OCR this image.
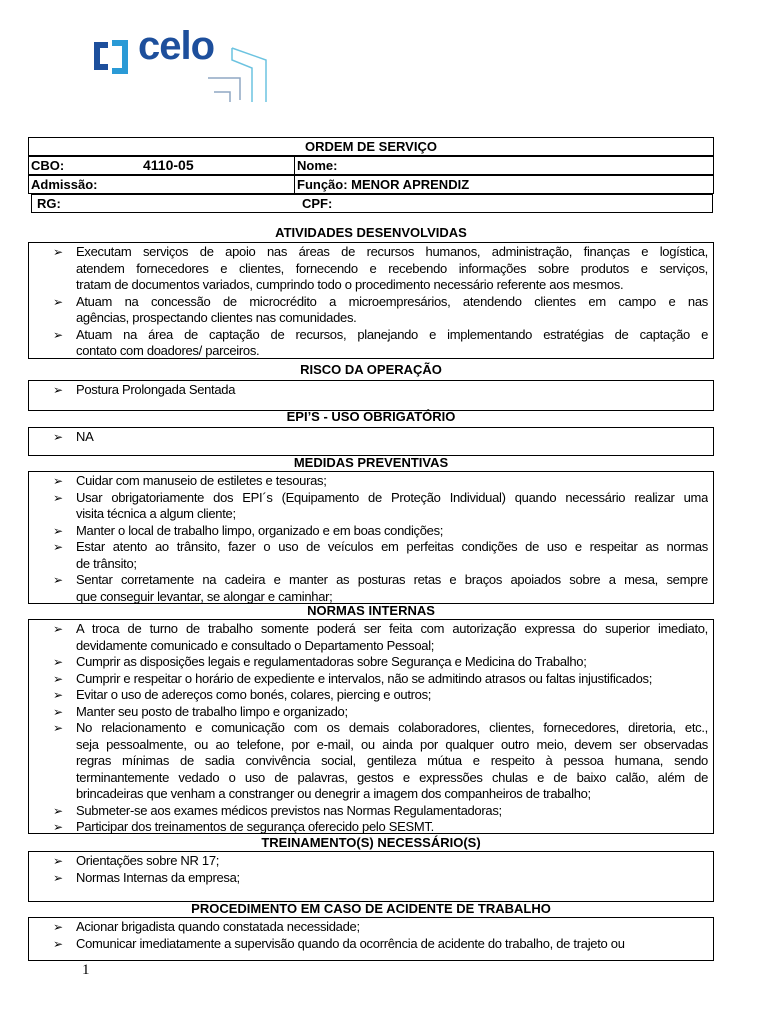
celo
ORDEM DE SERVIÇO
CBO:	4110-05	Nome:
Admissão:	Função: MENOR APRENDIZ
RG:	CPF:
ATIVIDADES DESENVOLVIDAS
➢ Executam serviços de apoio nas áreas de recursos humanos, administração, finanças e logística,
atendem fornecedores e clientes, fornecendo e recebendo informações sobre produtos e serviços,
tratam de documentos variados, cumprindo todo o procedimento necessário referente aos mesmos.
➢ Atuam na concessão de microcrédito a microempresários, atendendo clientes em campo e nas
agências, prospectando clientes nas comunidades.
➢ Atuam na área de captação de recursos, planejando e implementando estratégias de captação e
contato com doadores/ parceiros.
RISCO DA OPERAÇÃO
➢ Postura Prolongada Sentada
EPI’S - USO OBRIGATÓRIO
➢ NA
MEDIDAS PREVENTIVAS
➢ Cuidar com manuseio de estiletes e tesouras;
➢ Usar obrigatoriamente dos EPI´s (Equipamento de Proteção Individual) quando necessário realizar uma
visita técnica a algum cliente;
➢ Manter o local de trabalho limpo, organizado e em boas condições;
➢ Estar atento ao trânsito, fazer o uso de veículos em perfeitas condições de uso e respeitar as normas
de trânsito;
➢ Sentar corretamente na cadeira e manter as posturas retas e braços apoiados sobre a mesa, sempre
que conseguir levantar, se alongar e caminhar;
NORMAS INTERNAS
➢ A troca de turno de trabalho somente poderá ser feita com autorização expressa do superior imediato,
devidamente comunicado e consultado o Departamento Pessoal;
➢ Cumprir as disposições legais e regulamentadoras sobre Segurança e Medicina do Trabalho;
➢ Cumprir e respeitar o horário de expediente e intervalos, não se admitindo atrasos ou faltas injustificados;
➢ Evitar o uso de adereços como bonés, colares, piercing e outros;
➢ Manter seu posto de trabalho limpo e organizado;
➢ No relacionamento e comunicação com os demais colaboradores, clientes, fornecedores, diretoria, etc.,
seja pessoalmente, ou ao telefone, por e-mail, ou ainda por qualquer outro meio, devem ser observadas
regras mínimas de sadia convivência social, gentileza mútua e respeito à pessoa humana, sendo
terminantemente vedado o uso de palavras, gestos e expressões chulas e de baixo calão, além de
brincadeiras que venham a constranger ou denegrir a imagem dos companheiros de trabalho;
➢ Submeter-se aos exames médicos previstos nas Normas Regulamentadoras;
➢ Participar dos treinamentos de segurança oferecido pelo SESMT.
TREINAMENTO(S) NECESSÁRIO(S)
➢ Orientações sobre NR 17;
➢ Normas Internas da empresa;
PROCEDIMENTO EM CASO DE ACIDENTE DE TRABALHO
➢ Acionar brigadista quando constatada necessidade;
➢ Comunicar imediatamente a supervisão quando da ocorrência de acidente do trabalho, de trajeto ou
1
